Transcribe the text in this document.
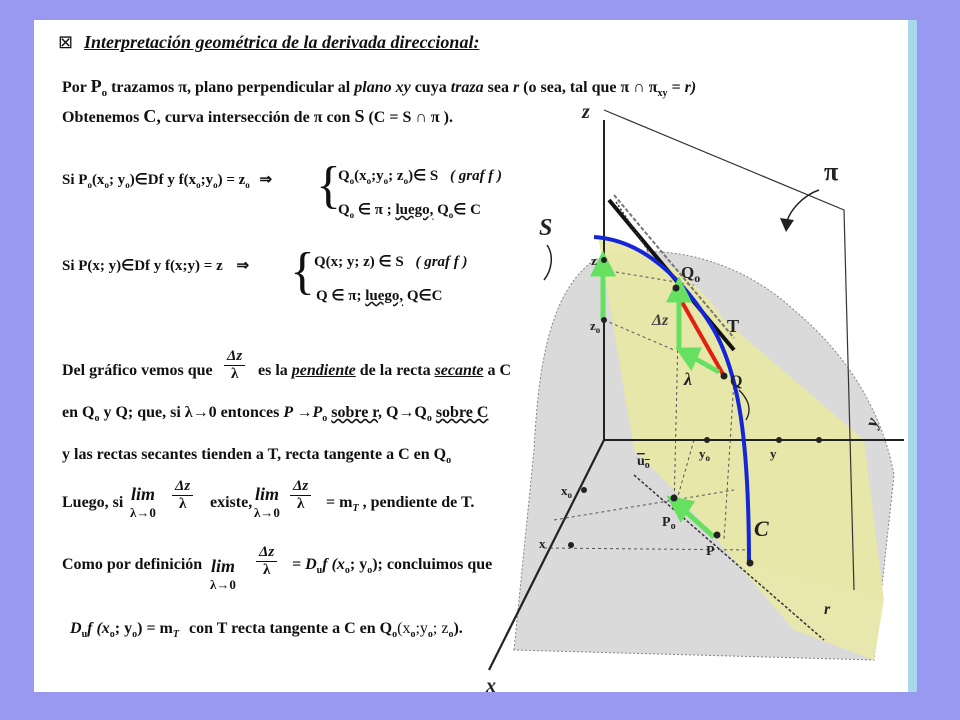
z
x
y
π
S
$Q_o$
T
Δz
λ Q
z
$z_o$
$y_o$	y
$x_o$
x
$u_o$
$P_o$
P
C
r
⊠ Interpretación geométrica de la derivada direccional:
Por $P_o$ trazamos π, plano perpendicular al plano xy cuya traza sea r (o sea, tal que π ∩ $\pi_{xy} = r$)
Obtenemos C, curva intersección de π con S (C = S ∩ π ).
Si $P_o(x_o$; $y_o)\in Df$ y $f(x_o;y_o) = z_o$ ⇒ {
$Q_o(x_o;y_o$; $z_o)\in$ S ( graf f )
$Q_o$ ∈ π ; luego, $Q_o\in$ C
Si P(x; y)∈Df y f(x;y) = z ⇒ { Q(x; y; z) ∈ S ( graf f )
Q ∈ π; luego, Q∈C
Del gráfico vemos que $\frac{\Delta z}{\lambda}$ es la pendiente de la recta secante a C
en $Q_o$ y Q; que, si λ→0 entonces $P \to P_o$ sobre r, $Q\to Q_o$ sobre C
y las rectas secantes tienden a T, recta tangente a C en $Q_o$
Luego, si lim
$\lambda\to 0 \frac{\Delta z}{\lambda}$ existe, lim
$\lambda\to 0 \frac{\Delta z}{\lambda} = m_T$ , pendiente de T.
Como por definición lim
λ→0
$\frac{\Delta z}{\lambda} = D_uf$ ($x_o$; $y_o$); concluimos que
$D_uf$ ($x_o$; $y_o) = m_T$ con T recta tangente a C en $Q_o(x_o;y_o$; $z_o$).
